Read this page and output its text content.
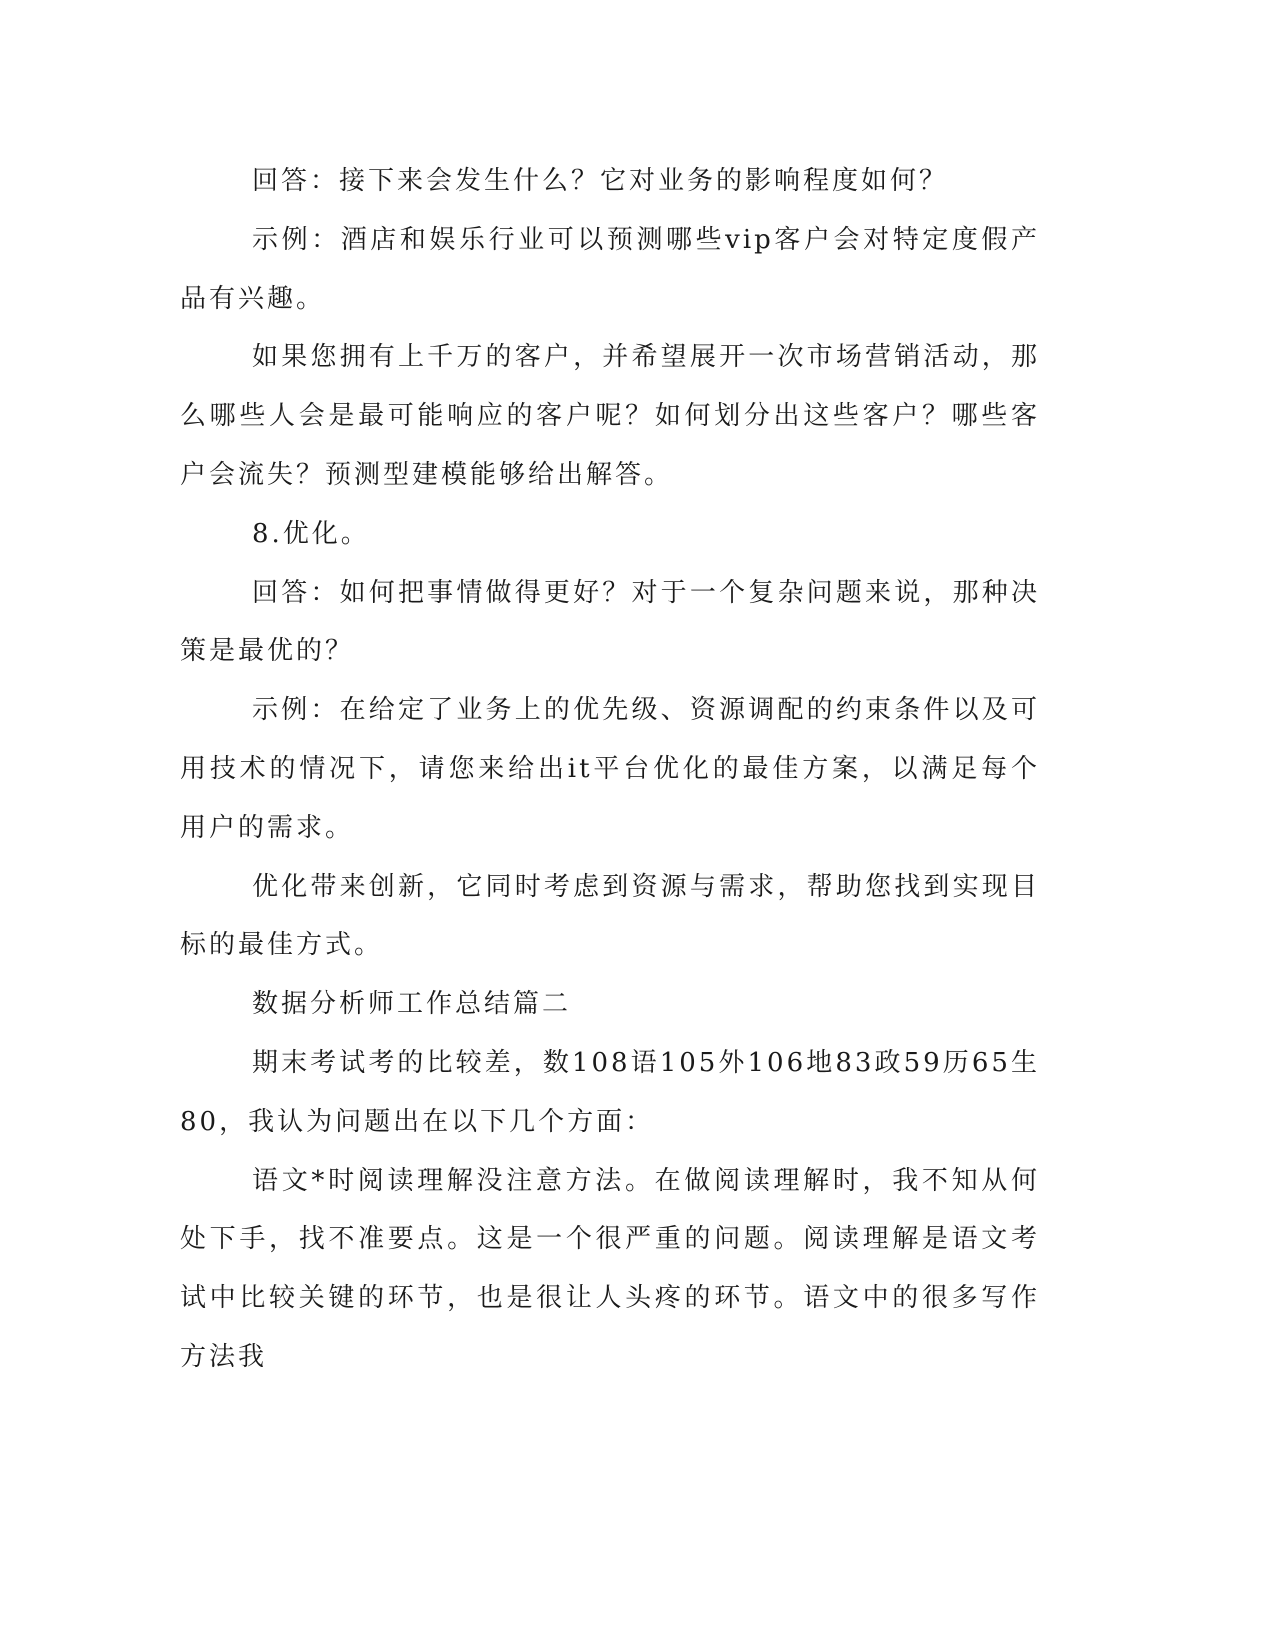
回答：接下来会发生什么？它对业务的影响程度如何？

示例：酒店和娱乐行业可以预测哪些vip客户会对特定度假产品有兴趣。

如果您拥有上千万的客户，并希望展开一次市场营销活动，那么哪些人会是最可能响应的客户呢？如何划分出这些客户？哪些客户会流失？预测型建模能够给出解答。

8.优化。

回答：如何把事情做得更好？对于一个复杂问题来说，那种决策是最优的？

示例：在给定了业务上的优先级、资源调配的约束条件以及可用技术的情况下，请您来给出it平台优化的最佳方案，以满足每个用户的需求。

优化带来创新，它同时考虑到资源与需求，帮助您找到实现目标的最佳方式。

数据分析师工作总结篇二

期末考试考的比较差，数108语105外106地83政59历65生80，我认为问题出在以下几个方面：

语文*时阅读理解没注意方法。在做阅读理解时，我不知从何处下手，找不准要点。这是一个很严重的问题。阅读理解是语文考试中比较关键的环节，也是很让人头疼的环节。语文中的很多写作方法我
